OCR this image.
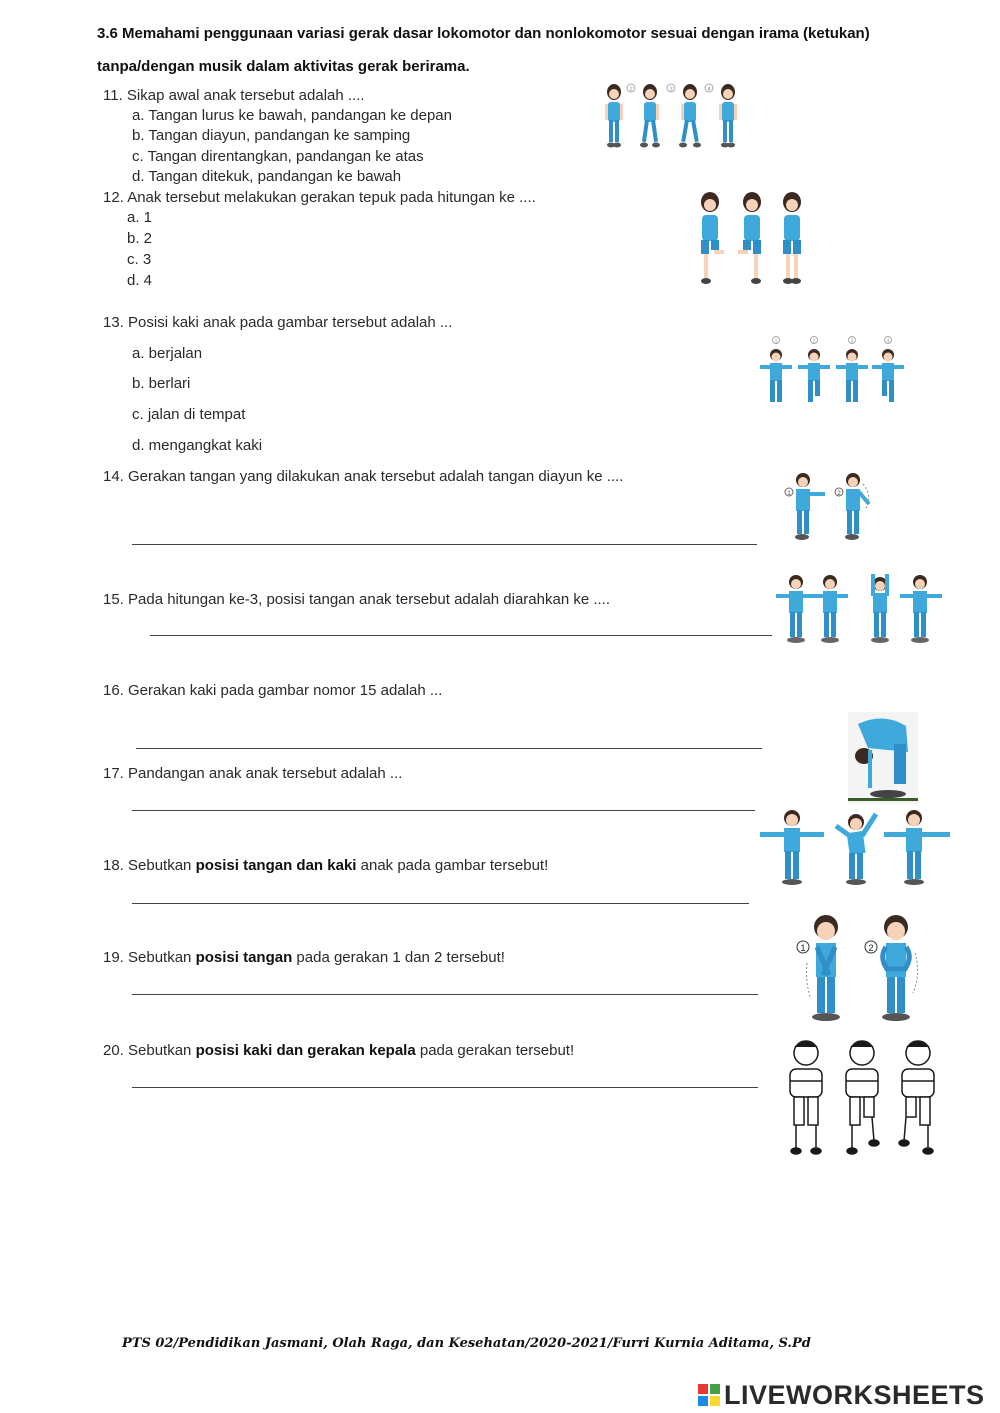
3.6 Memahami penggunaan variasi gerak dasar lokomotor dan nonlokomotor sesuai dengan irama (ketukan)
tanpa/dengan musik dalam aktivitas gerak berirama.
11. Sikap awal anak tersebut adalah ....
a. Tangan lurus ke bawah, pandangan ke depan
b. Tangan diayun, pandangan ke samping
c. Tangan direntangkan, pandangan ke atas
d. Tangan ditekuk, pandangan ke bawah
12. Anak tersebut melakukan gerakan tepuk pada hitungan ke ....
a. 1
b. 2
c. 3
d. 4
13. Posisi kaki anak pada gambar tersebut adalah ...
a. berjalan
b. berlari
c. jalan di tempat
d. mengangkat kaki
14. Gerakan tangan yang dilakukan anak tersebut adalah tangan diayun ke ....
15. Pada hitungan ke-3, posisi tangan anak tersebut adalah diarahkan ke ....
16. Gerakan kaki pada gambar nomor 15 adalah ...
17. Pandangan anak anak tersebut adalah ...
18. Sebutkan posisi tangan dan kaki anak pada gambar tersebut!
19. Sebutkan posisi tangan pada gerakan 1 dan 2 tersebut!
20. Sebutkan posisi kaki dan gerakan kepala pada gerakan tersebut!
2	3	4
1	2	3	4
1	2
1	2
PTS 02/Pendidikan Jasmani, Olah Raga, dan Kesehatan/2020-2021/Furri Kurnia Aditama, S.Pd
LIVEWORKSHEETS
